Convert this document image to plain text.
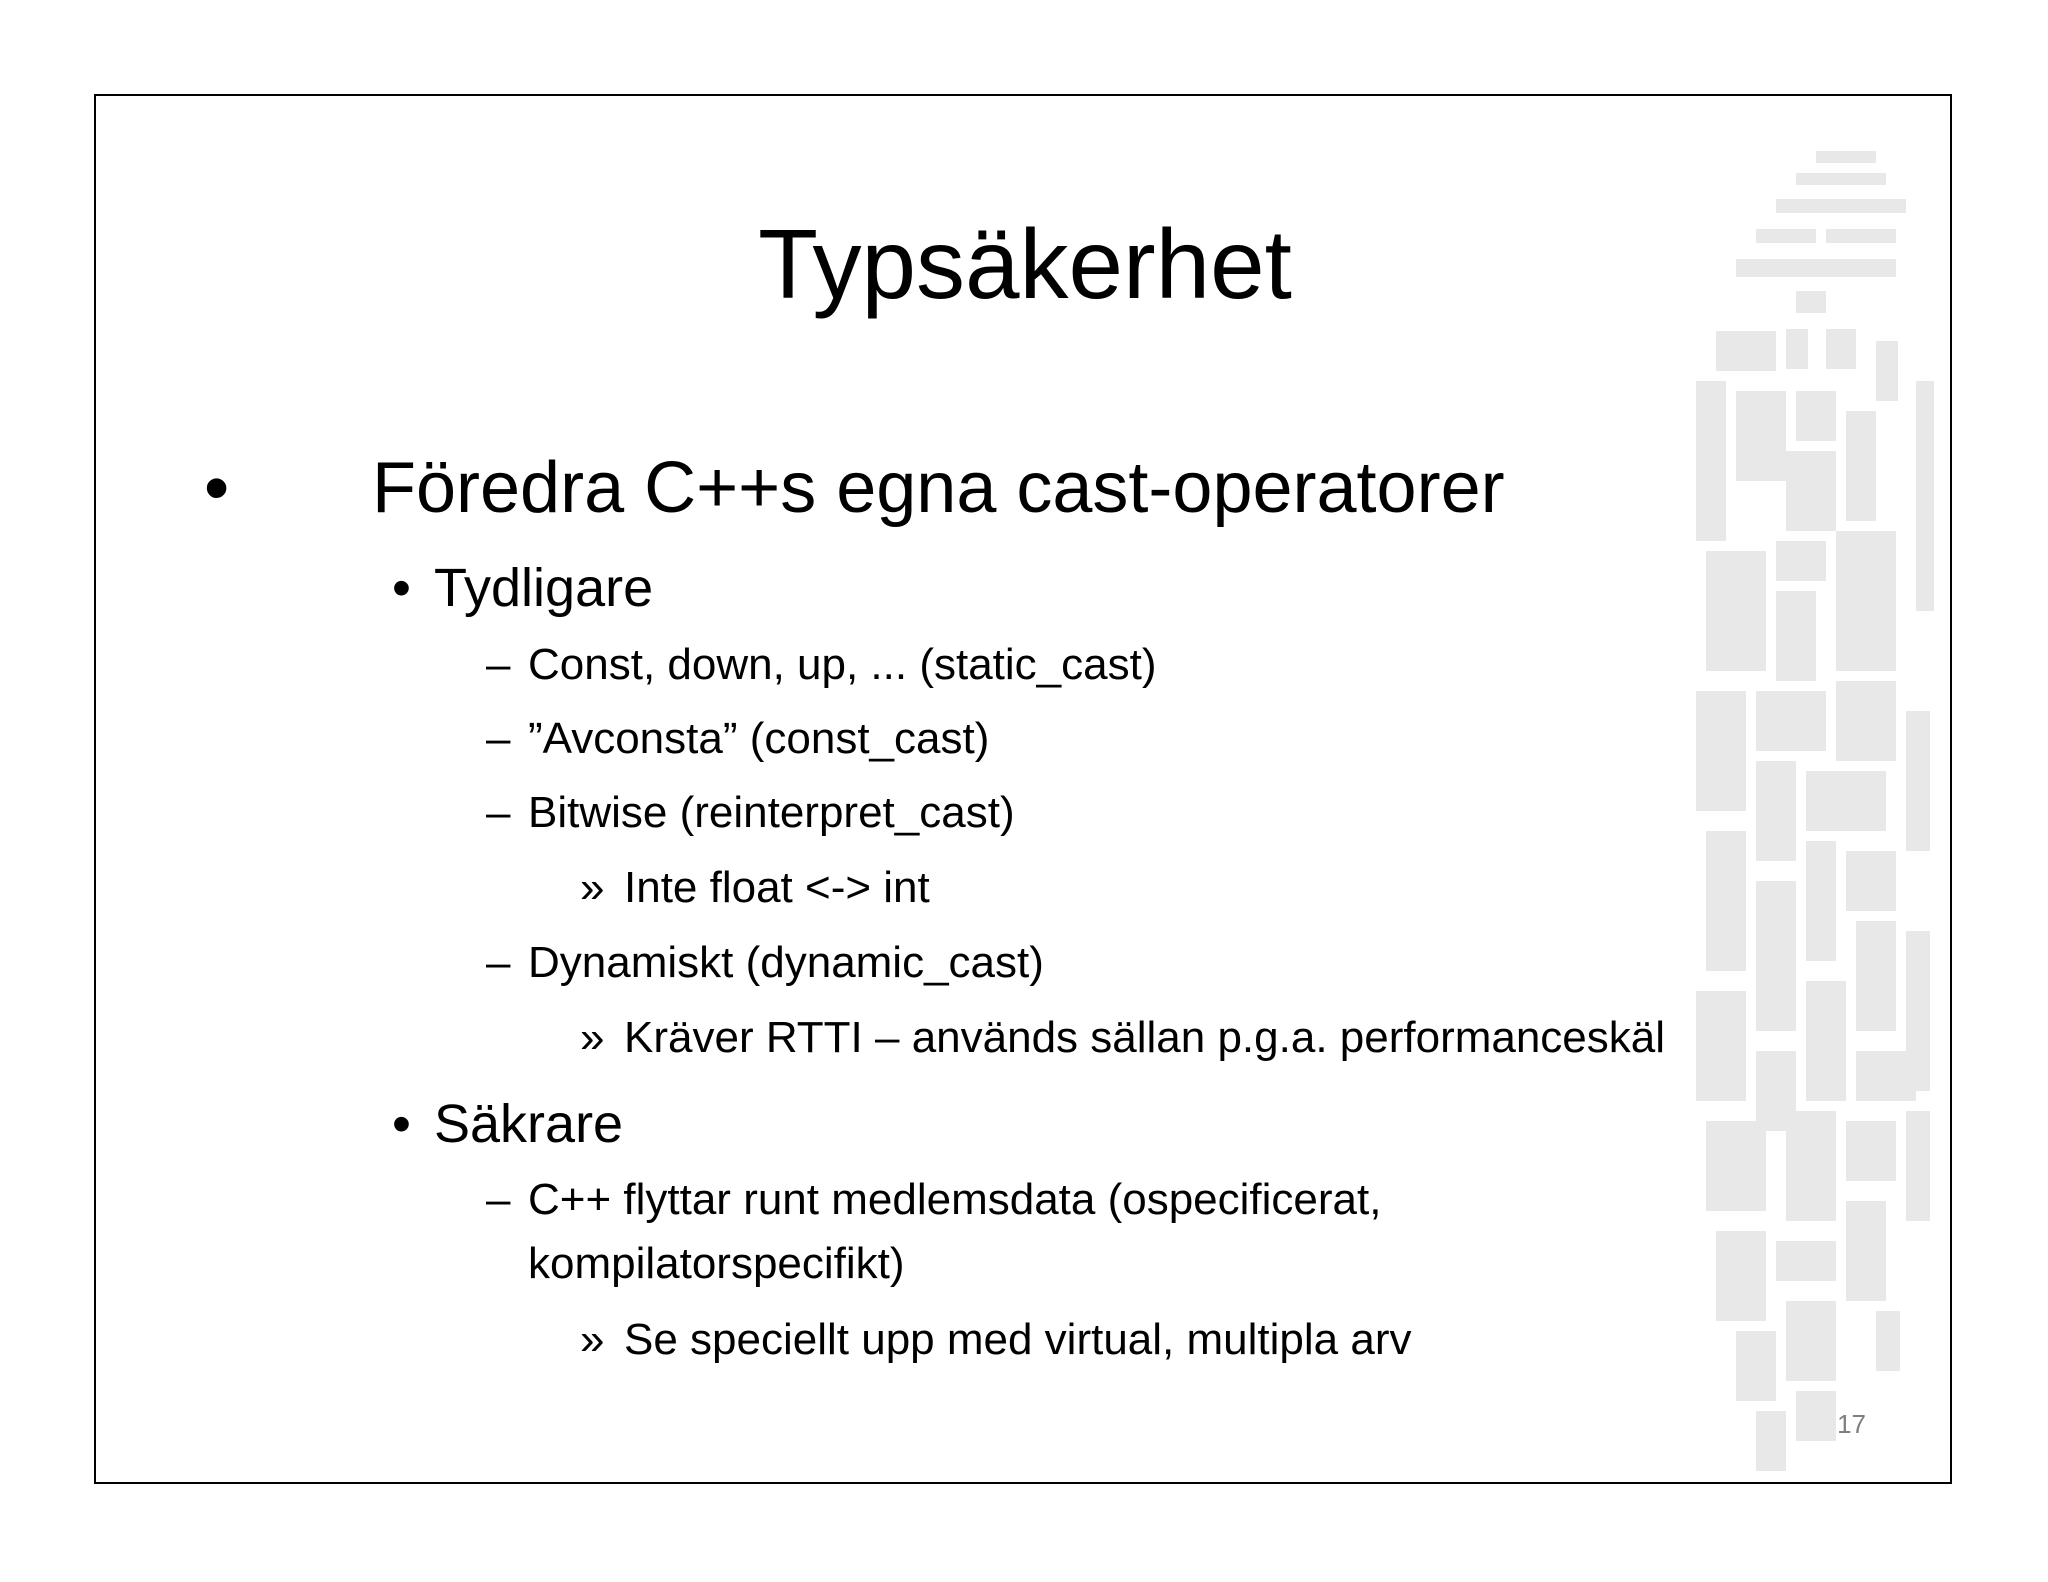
Typsäkerhet
• Föredra C++s egna cast-operatorer
• Tydligare
– Const, down, up, ... (static_cast)
– ”Avconsta” (const_cast)
– Bitwise (reinterpret_cast)
» Inte float <-> int
– Dynamiskt (dynamic_cast)
» Kräver RTTI – används sällan p.g.a. performanceskäl
• Säkrare
– C++ flyttar runt medlemsdata (ospecificerat,
kompilatorspecifikt)
» Se speciellt upp med virtual, multipla arv
17
